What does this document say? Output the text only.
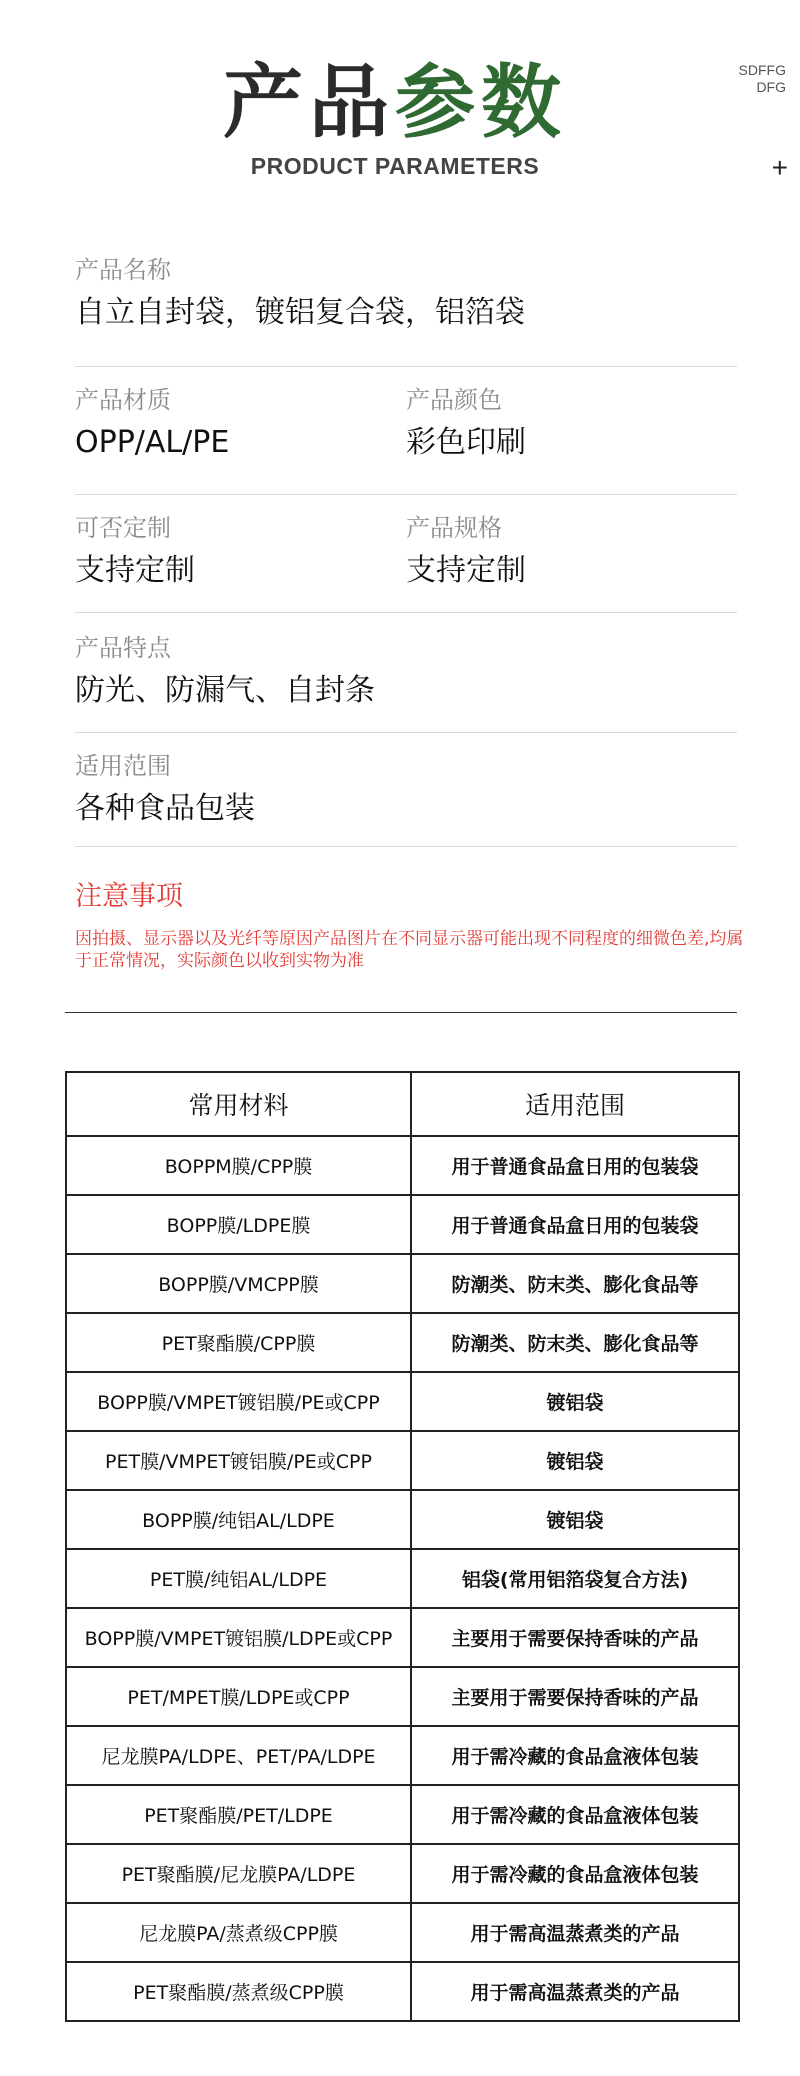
产品参数
PRODUCT PARAMETERS
SDFFG
DFG
+
产品名称
自立自封袋，镀铝复合袋，铝箔袋
产品材质
OPP/AL/PE
产品颜色
彩色印刷
可否定制
支持定制
产品规格
支持定制
产品特点
防光、防漏气、自封条
适用范围
各种食品包装
注意事项
因拍摄、显示器以及光纤等原因产品图片在不同显示器可能出现不同程度的细微色差,均属于正常情况，实际颜色以收到实物为准
常用材料	适用范围
BOPPM膜/CPP膜	用于普通食品盒日用的包装袋
BOPP膜/LDPE膜	用于普通食品盒日用的包装袋
BOPP膜/VMCPP膜	防潮类、防末类、膨化食品等
PET聚酯膜/CPP膜	防潮类、防末类、膨化食品等
BOPP膜/VMPET镀铝膜/PE或CPP	镀铝袋
PET膜/VMPET镀铝膜/PE或CPP	镀铝袋
BOPP膜/纯铝AL/LDPE	镀铝袋
PET膜/纯铝AL/LDPE	铝袋(常用铝箔袋复合方法)
BOPP膜/VMPET镀铝膜/LDPE或CPP	主要用于需要保持香味的产品
PET/MPET膜/LDPE或CPP	主要用于需要保持香味的产品
尼龙膜PA/LDPE、PET/PA/LDPE	用于需冷藏的食品盒液体包装
PET聚酯膜/PET/LDPE	用于需冷藏的食品盒液体包装
PET聚酯膜/尼龙膜PA/LDPE	用于需冷藏的食品盒液体包装
尼龙膜PA/蒸煮级CPP膜	用于需高温蒸煮类的产品
PET聚酯膜/蒸煮级CPP膜	用于需高温蒸煮类的产品
